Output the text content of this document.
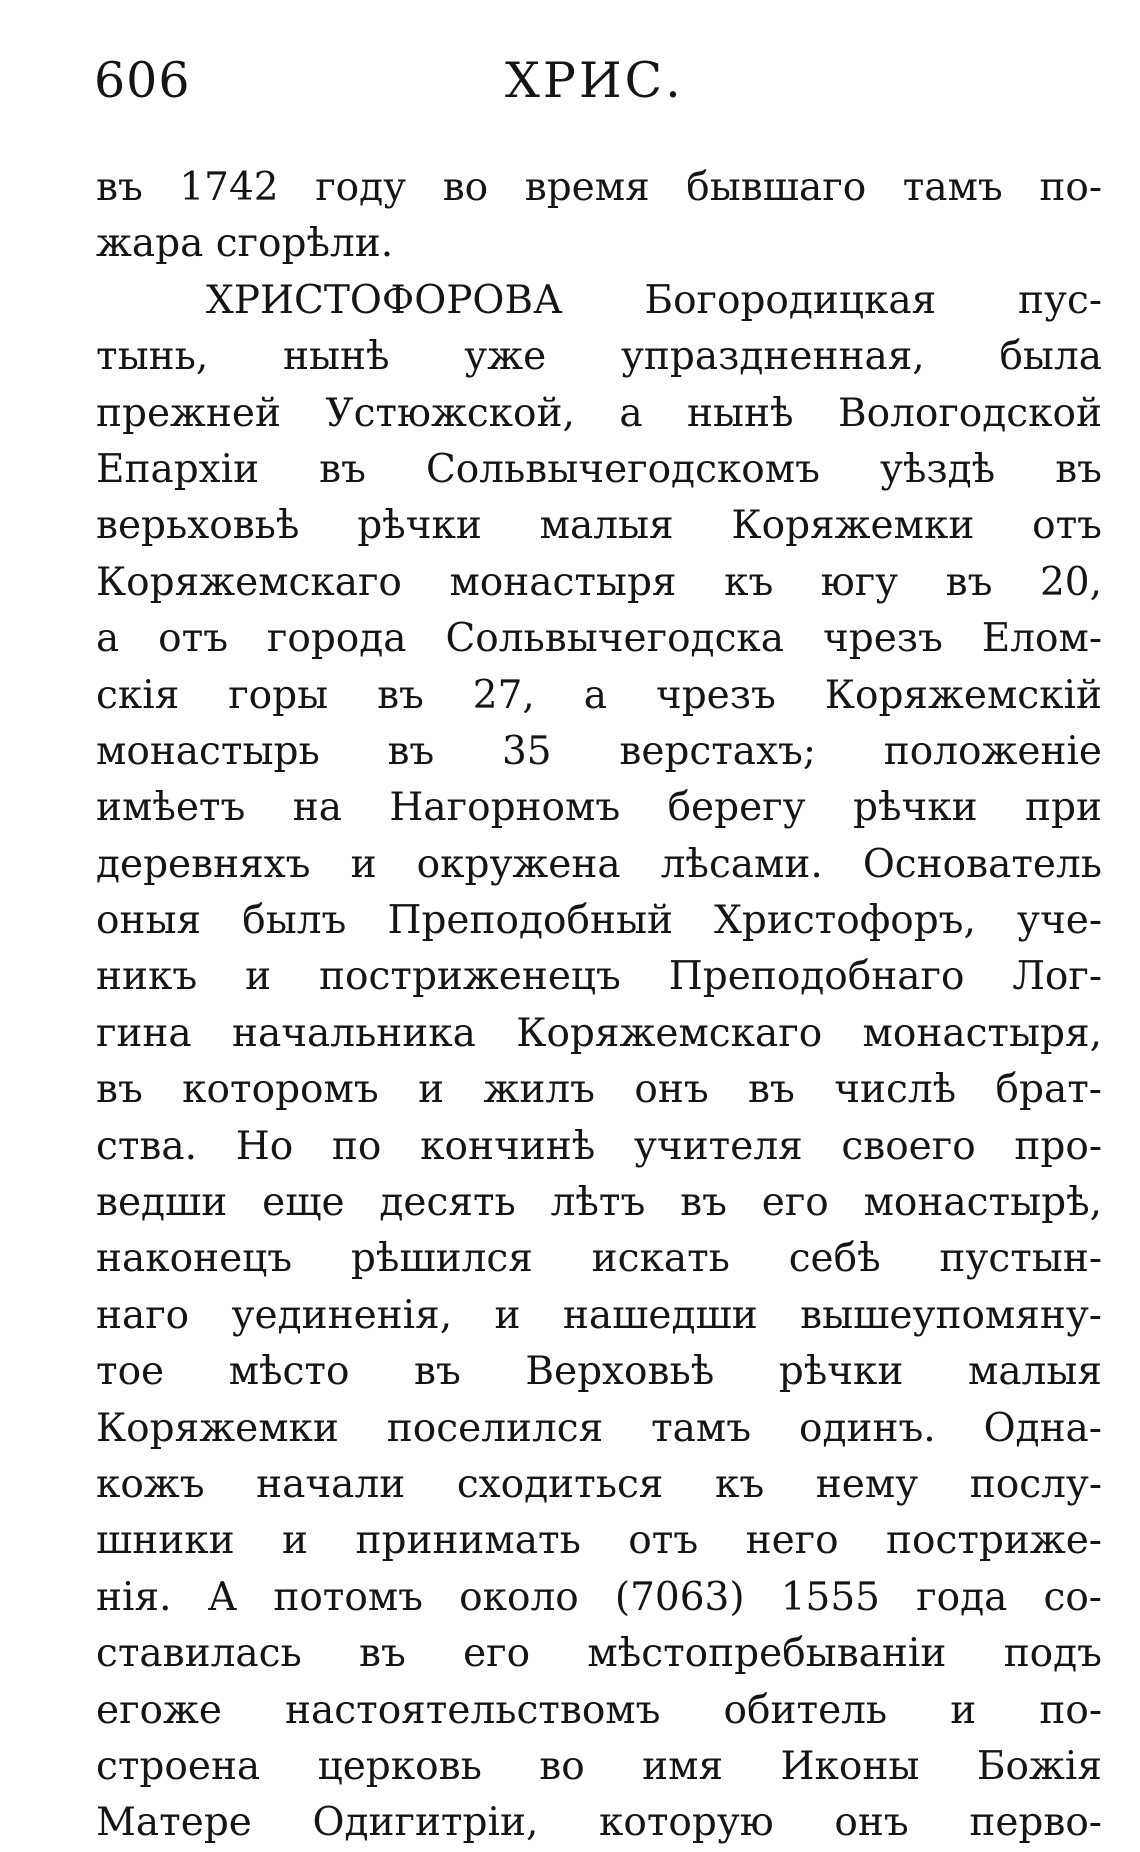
606	ХРИС.
въ 1742 году во время бывшаго тамъ по-
жара сгорѣли.
ХРИСТОФОРОВА Богородицкая пус-
тынь, нынѣ уже упраздненная, была
прежней Устюжской, а нынѣ Вологодской
Епархіи въ Сольвычегодскомъ уѣздѣ въ
верьховьѣ рѣчки малыя Коряжемки отъ
Коряжемскаго монастыря къ югу въ 20,
а отъ города Сольвычегодска чрезъ Елом-
скія горы въ 27, а чрезъ Коряжемскій
монастырь въ 35 верстахъ; положеніе
имѣетъ на Нагорномъ берегу рѣчки при
деревняхъ и окружена лѣсами. Основатель
оныя былъ Преподобный Христофоръ, уче-
никъ и постриженецъ Преподобнаго Лог-
гина начальника Коряжемскаго монастыря,
въ которомъ и жилъ онъ въ числѣ брат-
ства. Но по кончинѣ учителя своего про-
ведши еще десять лѣтъ въ его монастырѣ,
наконецъ рѣшился искать себѣ пустын-
наго уединенія, и нашедши вышеупомяну-
тое мѣсто въ Верховьѣ рѣчки малыя
Коряжемки поселился тамъ одинъ. Одна-
кожъ начали сходиться къ нему послу-
шники и принимать отъ него постриже-
нія. А потомъ около (7063) 1555 года со-
ставилась въ его мѣстопребываніи подъ
егоже настоятельствомъ обитель и по-
строена церковь во имя Иконы Божія
Матере Одигитріи, которую онъ перво-
